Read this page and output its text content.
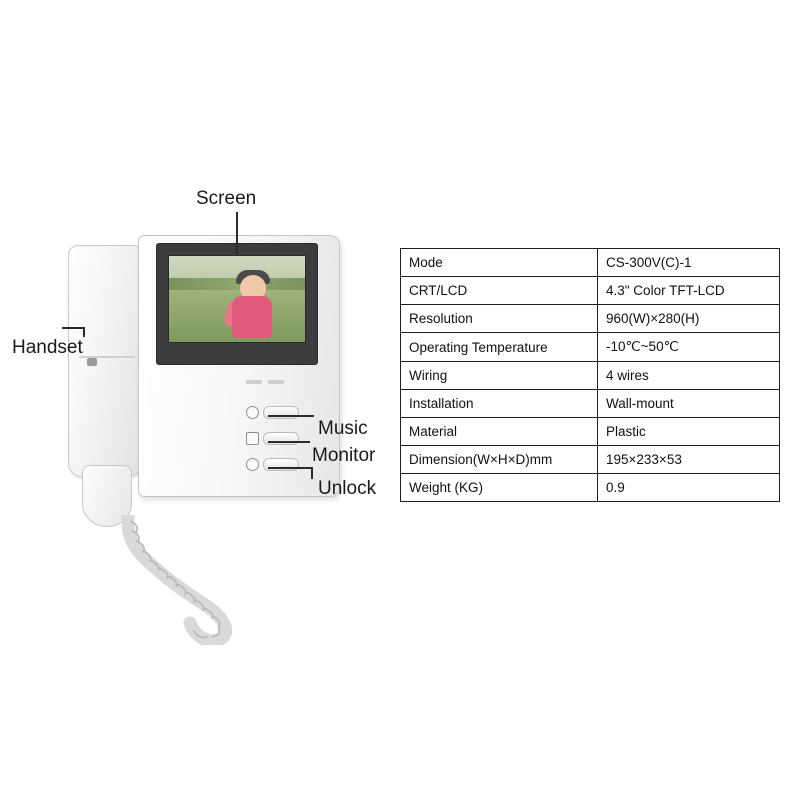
Screen
Handset
Music
Monitor
Unlock
Mode	CS-300V(C)-1
CRT/LCD	4.3" Color TFT-LCD
Resolution	960(W)×280(H)
Operating Temperature	-10℃~50℃
Wiring	4 wires
Installation	Wall-mount
Material	Plastic
Dimension(W×H×D)mm	195×233×53
Weight (KG)	0.9
